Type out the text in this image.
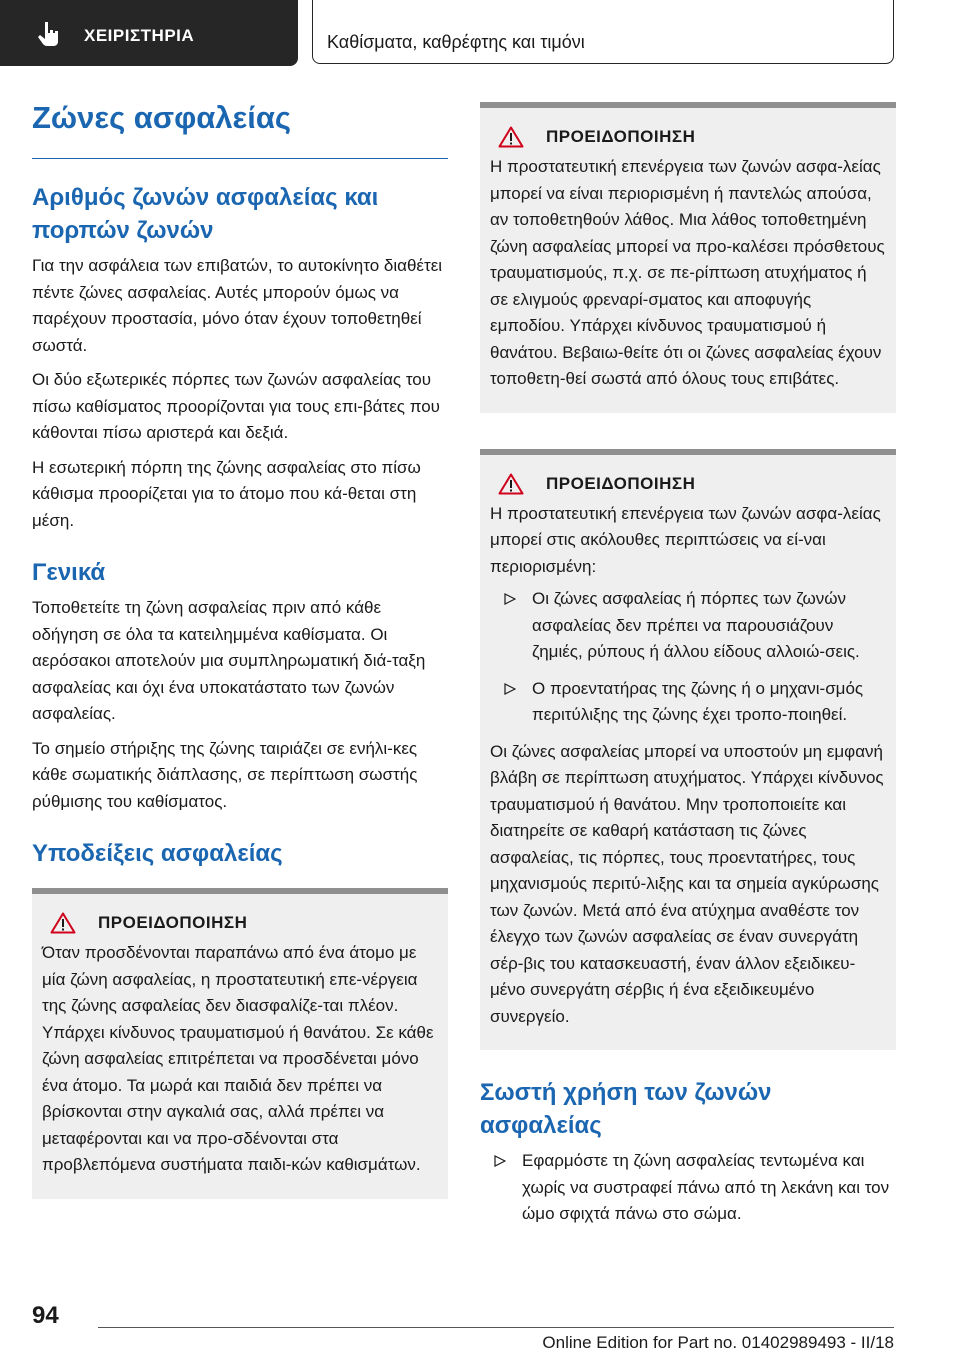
ΧΕΙΡΙΣΤΗΡΙΑ	Καθίσματα, καθρέφτης και τιμόνι
Ζώνες ασφαλείας
Αριθμός ζωνών ασφαλείας και πορπών ζωνών

Για την ασφάλεια των επιβατών, το αυτοκίνητο διαθέτει πέντε ζώνες ασφαλείας. Αυτές μπορούν όμως να παρέχουν προστασία, μόνο όταν έχουν τοποθετηθεί σωστά.

Οι δύο εξωτερικές πόρπες των ζωνών ασφαλείας του πίσω καθίσματος προορίζονται για τους επι-βάτες που κάθονται πίσω αριστερά και δεξιά.

Η εσωτερική πόρπη της ζώνης ασφαλείας στο πίσω κάθισμα προορίζεται για το άτομο που κά-θεται στη μέση.

Γενικά

Τοποθετείτε τη ζώνη ασφαλείας πριν από κάθε οδήγηση σε όλα τα κατειλημμένα καθίσματα. Οι αερόσακοι αποτελούν μια συμπληρωματική διά-ταξη ασφαλείας και όχι ένα υποκατάστατο των ζωνών ασφαλείας.

Το σημείο στήριξης της ζώνης ταιριάζει σε ενήλι-κες κάθε σωματικής διάπλασης, σε περίπτωση σωστής ρύθμισης του καθίσματος.

Υποδείξεις ασφαλείας
ΠΡΟΕΙΔΟΠΟΙΗΣΗ

Όταν προσδένονται παραπάνω από ένα άτομο με μία ζώνη ασφαλείας, η προστατευτική επε-νέργεια της ζώνης ασφαλείας δεν διασφαλίζε-ται πλέον. Υπάρχει κίνδυνος τραυματισμού ή θανάτου. Σε κάθε ζώνη ασφαλείας επιτρέπεται να προσδένεται μόνο ένα άτομο. Τα μωρά και παιδιά δεν πρέπει να βρίσκονται στην αγκαλιά σας, αλλά πρέπει να μεταφέρονται και να προ-σδένονται στα προβλεπόμενα συστήματα παιδι-κών καθισμάτων.

ΠΡΟΕΙΔΟΠΟΙΗΣΗ

Η προστατευτική επενέργεια των ζωνών ασφα-λείας μπορεί να είναι περιορισμένη ή παντελώς απούσα, αν τοποθετηθούν λάθος. Μια λάθος τοποθετημένη ζώνη ασφαλείας μπορεί να προ-καλέσει πρόσθετους τραυματισμούς, π.χ. σε πε-ρίπτωση ατυχήματος ή σε ελιγμούς φρεναρί-σματος και αποφυγής εμποδίου. Υπάρχει κίνδυνος τραυματισμού ή θανάτου. Βεβαιω-θείτε ότι οι ζώνες ασφαλείας έχουν τοποθετη-θεί σωστά από όλους τους επιβάτες.

ΠΡΟΕΙΔΟΠΟΙΗΣΗ

Η προστατευτική επενέργεια των ζωνών ασφα-λείας μπορεί στις ακόλουθες περιπτώσεις να εί-ναι περιορισμένη:

Οι ζώνες ασφαλείας ή πόρπες των ζωνών ασφαλείας δεν πρέπει να παρουσιάζουν ζημιές, ρύπους ή άλλου είδους αλλοιώ-σεις.
Ο προεντατήρας της ζώνης ή ο μηχανι-σμός περιτύλιξης της ζώνης έχει τροπο-ποιηθεί.

Οι ζώνες ασφαλείας μπορεί να υποστούν μη εμφανή βλάβη σε περίπτωση ατυχήματος. Υπάρχει κίνδυνος τραυματισμού ή θανάτου. Μην τροποποιείτε και διατηρείτε σε καθαρή κατάσταση τις ζώνες ασφαλείας, τις πόρπες, τους προεντατήρες, τους μηχανισμούς περιτύ-λιξης και τα σημεία αγκύρωσης των ζωνών. Μετά από ένα ατύχημα αναθέστε τον έλεγχο των ζωνών ασφαλείας σε έναν συνεργάτη σέρ-βις του κατασκευαστή, έναν άλλον εξειδικευ-μένο συνεργάτη σέρβις ή ένα εξειδικευμένο συνεργείο.

Σωστή χρήση των ζωνών ασφαλείας
Εφαρμόστε τη ζώνη ασφαλείας τεντωμένα και χωρίς να συστραφεί πάνω από τη λεκάνη και τον ώμο σφιχτά πάνω στο σώμα.
94
Online Edition for Part no. 01402989493 - II/18
